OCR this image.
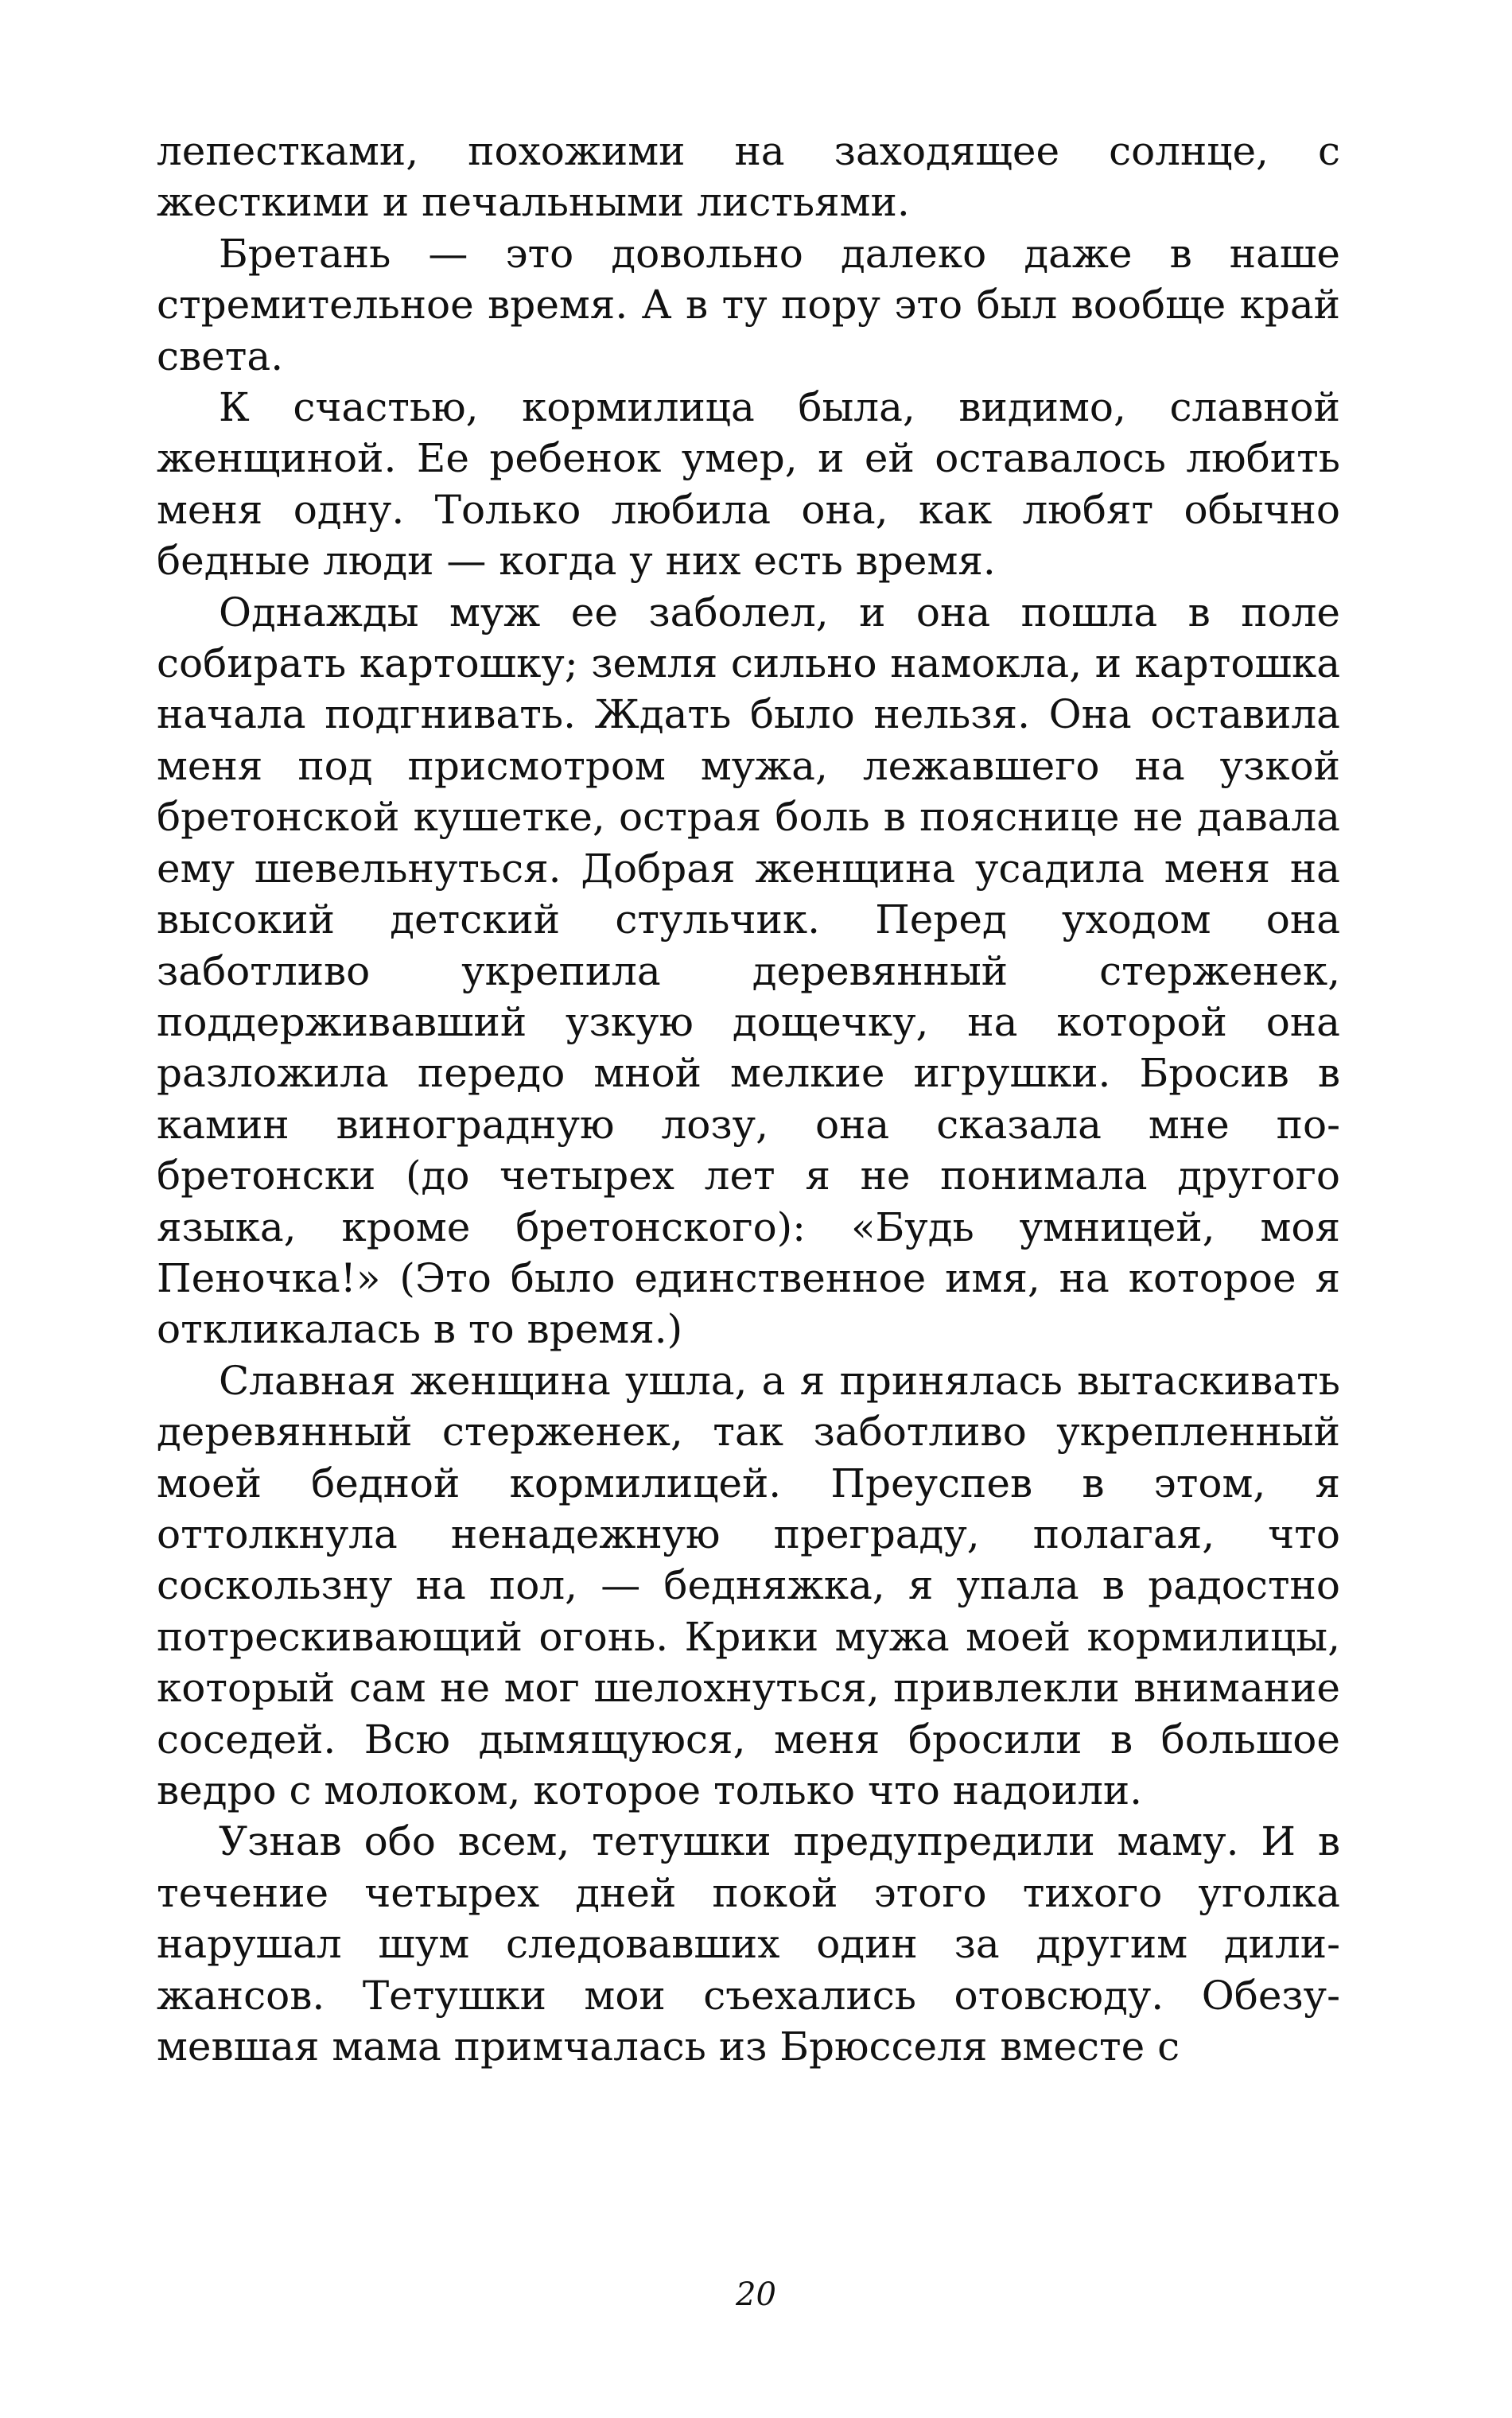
лепестками, похожими на заходящее солнце, с жесткими и печальными листьями.

Бретань — это довольно далеко даже в наше стремительное время. А в ту пору это был вообще край света.

К счастью, кормилица была, видимо, славной женщиной. Ее ребенок умер, и ей оставалось любить меня одну. Только любила она, как любят обычно бедные люди — когда у них есть время.

Однажды муж ее заболел, и она пошла в поле собирать картошку; земля сильно намокла, и картошка начала подгнивать. Ждать было нельзя. Она оставила меня под присмотром мужа, лежавшего на узкой бретонской кушетке, острая боль в пояснице не давала ему шевельнуться. Добрая женщина усадила меня на высокий детский стульчик. Перед уходом она заботливо укрепила деревянный стерженек, поддерживавший узкую дощечку, на которой она разложила передо мной мелкие игрушки. Бросив в камин виноградную лозу, она сказала мне по-бретонски (до четырех лет я не понимала другого языка, кроме бретонского): «Будь умницей, моя Пеночка!» (Это было единственное имя, на которое я откликалась в то время.)

Славная женщина ушла, а я принялась вытаскивать деревянный стерженек, так заботливо укрепленный моей бедной кормилицей. Преуспев в этом, я оттолкнула ненадежную преграду, полагая, что соскользну на пол, — бедняжка, я упала в радостно потрескивающий огонь. Крики мужа моей кормилицы, который сам не мог шелохнуться, привлекли внимание соседей. Всю дымящуюся, меня бросили в большое ведро с молоком, которое только что надоили.

Узнав обо всем, тетушки предупредили маму. И в течение четырех дней покой этого тихого уголка нарушал шум следовавших один за другим дилижансов. Тетушки мои съехались отовсюду. Обезумевшая мама примчалась из Брюсселя вместе с

20
